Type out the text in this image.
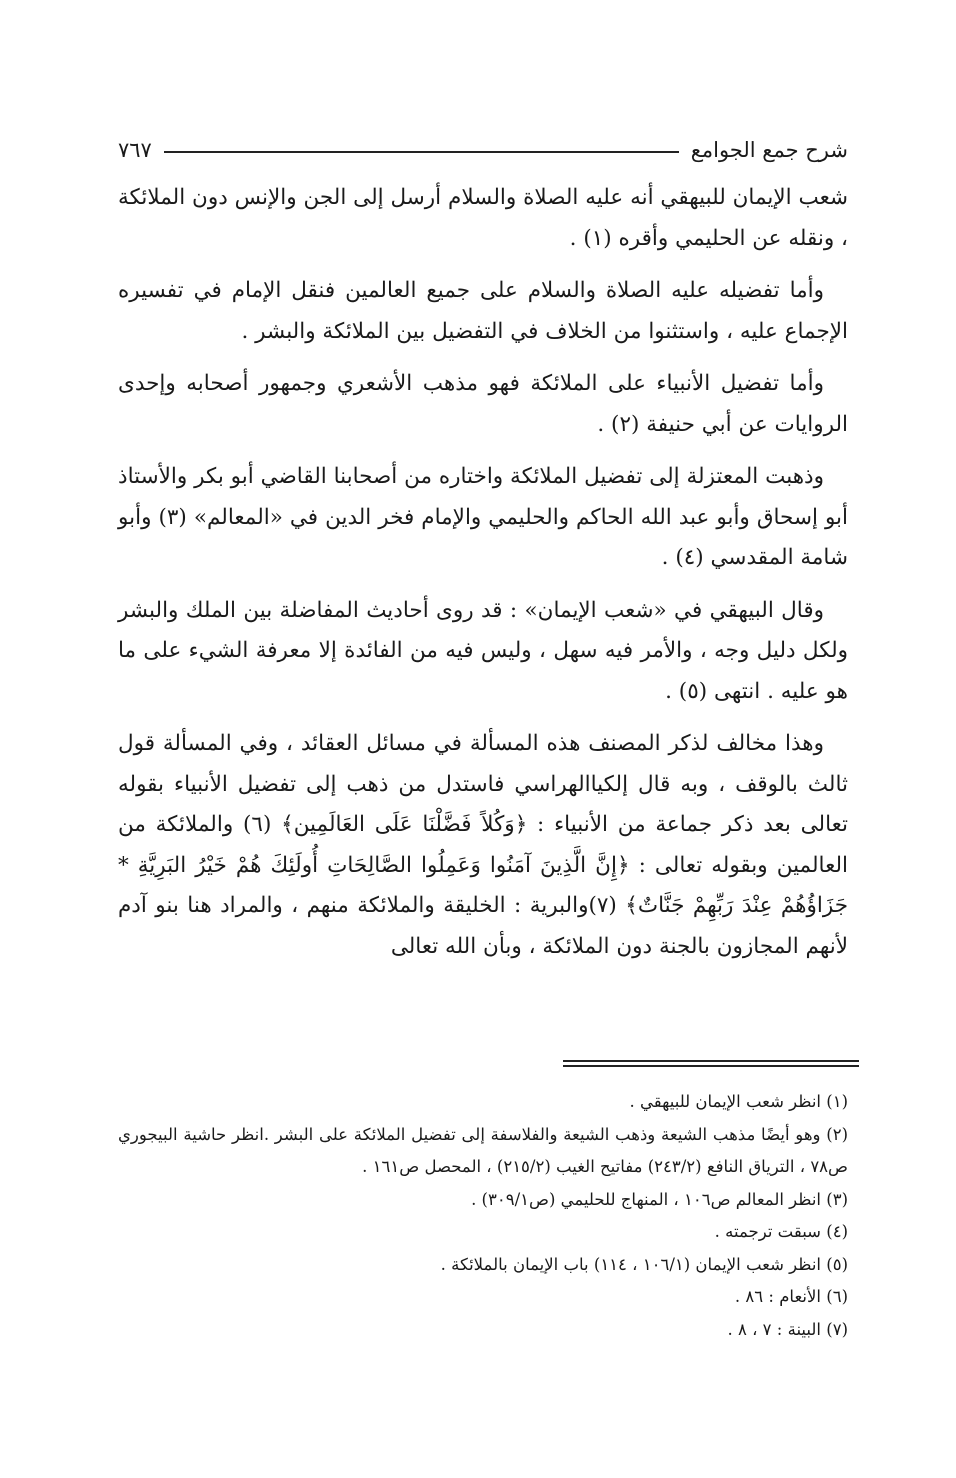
شرح جمع الجوامع
٧٦٧

شعب الإيمان للبيهقي أنه عليه الصلاة والسلام أرسل إلى الجن والإنس دون الملائكة ، ونقله عن الحليمي وأقره (١) .

وأما تفضيله عليه الصلاة والسلام على جميع العالمين فنقل الإمام في تفسيره الإجماع عليه ، واستثنوا من الخلاف في التفضيل بين الملائكة والبشر .

وأما تفضيل الأنبياء على الملائكة فهو مذهب الأشعري وجمهور أصحابه وإحدى الروايات عن أبي حنيفة (٢) .

وذهبت المعتزلة إلى تفضيل الملائكة واختاره من أصحابنا القاضي أبو بكر والأستاذ أبو إسحاق وأبو عبد الله الحاكم والحليمي والإمام فخر الدين في «المعالم» (٣) وأبو شامة المقدسي (٤) .

وقال البيهقي في «شعب الإيمان» : قد روى أحاديث المفاضلة بين الملك والبشر ولكل دليل وجه ، والأمر فيه سهل ، وليس فيه من الفائدة إلا معرفة الشيء على ما هو عليه . انتهى (٥) .

وهذا مخالف لذكر المصنف هذه المسألة في مسائل العقائد ، وفي المسألة قول ثالث بالوقف ، وبه قال إلكياالهراسي فاستدل من ذهب إلى تفضيل الأنبياء بقوله تعالى بعد ذكر جماعة من الأنبياء : ﴿وَكُلاً فَضَّلْنَا عَلَى العَالَمِين﴾ (٦) والملائكة من العالمين وبقوله تعالى : ﴿إِنَّ الَّذِينَ آمَنُوا وَعَمِلُوا الصَّالِحَاتِ أُولَئِكَ هُمْ خَيْرُ البَرِيَّةِ * جَزَاؤُهُمْ عِنْدَ رَبِّهِمْ جَنَّاتٌ﴾ (٧)والبرية : الخليقة والملائكة منهم ، والمراد هنا بنو آدم لأنهم المجازون بالجنة دون الملائكة ، وبأن الله تعالى

(١) انظر شعب الإيمان للبيهقي .

(٢) وهو أيضًا مذهب الشيعة وذهب الشيعة والفلاسفة إلى تفضيل الملائكة على البشر .انظر حاشية البيجوري ص٧٨ ، الترياق النافع (٢٤٣/٢) مفاتيح الغيب (٢١٥/٢) ، المحصل ص١٦١ .

(٣) انظر المعالم ص١٠٦ ، المنهاج للحليمي (ص٣٠٩/١) .

(٤) سبقت ترجمته .

(٥) انظر شعب الإيمان (١٠٦/١ ، ١١٤) باب الإيمان بالملائكة .

(٦) الأنعام : ٨٦ .

(٧) البينة : ٧ ، ٨ .
